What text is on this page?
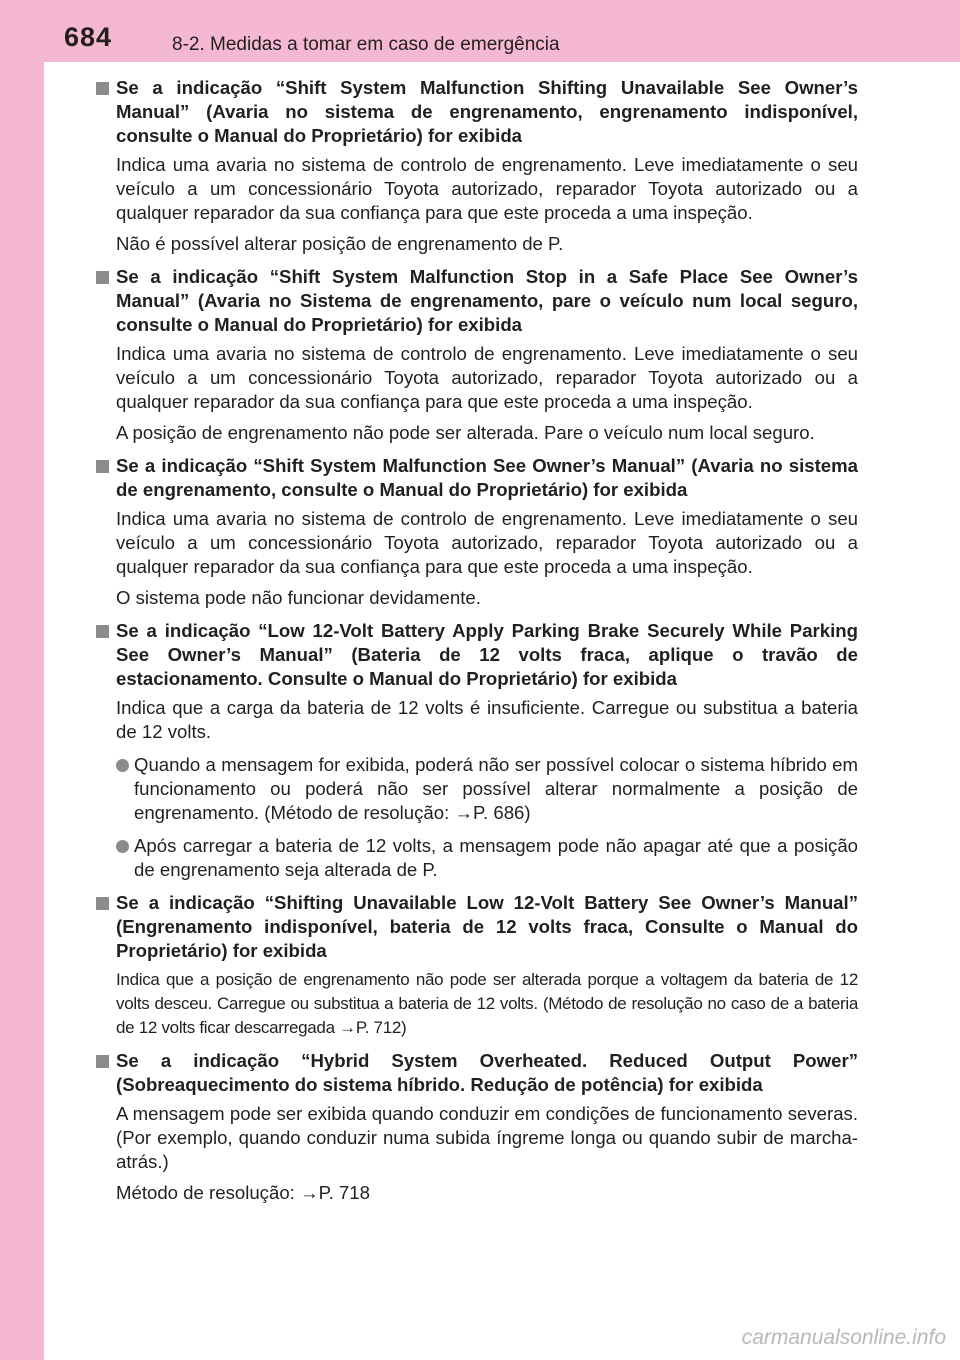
684	8-2. Medidas a tomar em caso de emergência

Se a indicação “Shift System Malfunction Shifting Unavailable See Owner’s Manual” (Avaria no sistema de engrenamento, engrenamento indisponível, consulte o Manual do Proprietário) for exibida

Indica uma avaria no sistema de controlo de engrenamento. Leve imediatamente o seu veículo a um concessionário Toyota autorizado, reparador Toyota autorizado ou a qualquer reparador da sua confiança para que este proceda a uma inspeção.

Não é possível alterar posição de engrenamento de P.

Se a indicação “Shift System Malfunction Stop in a Safe Place See Owner’s Manual” (Avaria no Sistema de engrenamento, pare o veículo num local seguro, consulte o Manual do Proprietário) for exibida

Indica uma avaria no sistema de controlo de engrenamento. Leve imediatamente o seu veículo a um concessionário Toyota autorizado, reparador Toyota autorizado ou a qualquer reparador da sua confiança para que este proceda a uma inspeção.

A posição de engrenamento não pode ser alterada. Pare o veículo num local seguro.

Se a indicação “Shift System Malfunction See Owner’s Manual” (Avaria no sistema de engrenamento, consulte o Manual do Proprietário) for exibida

Indica uma avaria no sistema de controlo de engrenamento. Leve imediatamente o seu veículo a um concessionário Toyota autorizado, reparador Toyota autorizado ou a qualquer reparador da sua confiança para que este proceda a uma inspeção.

O sistema pode não funcionar devidamente.

Se a indicação “Low 12-Volt Battery Apply Parking Brake Securely While Parking See Owner’s Manual” (Bateria de 12 volts fraca, aplique o travão de estacionamento. Consulte o Manual do Proprietário) for exibida

Indica que a carga da bateria de 12 volts é insuficiente. Carregue ou substitua a bateria de 12 volts.

Quando a mensagem for exibida, poderá não ser possível colocar o sistema híbrido em funcionamento ou poderá não ser possível alterar normalmente a posição de engrenamento. (Método de resolução: →P. 686)
Após carregar a bateria de 12 volts, a mensagem pode não apagar até que a posição de engrenamento seja alterada de P.

Se a indicação “Shifting Unavailable Low 12-Volt Battery See Owner’s Manual” (Engrenamento indisponível, bateria de 12 volts fraca, Consulte o Manual do Proprietário) for exibida

Indica que a posição de engrenamento não pode ser alterada porque a voltagem da bateria de 12 volts desceu. Carregue ou substitua a bateria de 12 volts. (Método de resolução no caso de a bateria de 12 volts ficar descarregada →P. 712)

Se a indicação “Hybrid System Overheated. Reduced Output Power” (Sobreaquecimento do sistema híbrido. Redução de potência) for exibida

A mensagem pode ser exibida quando conduzir em condições de funcionamento severas. (Por exemplo, quando conduzir numa subida íngreme longa ou quando subir de marcha-atrás.)

Método de resolução: →P. 718

carmanualsonline.info
